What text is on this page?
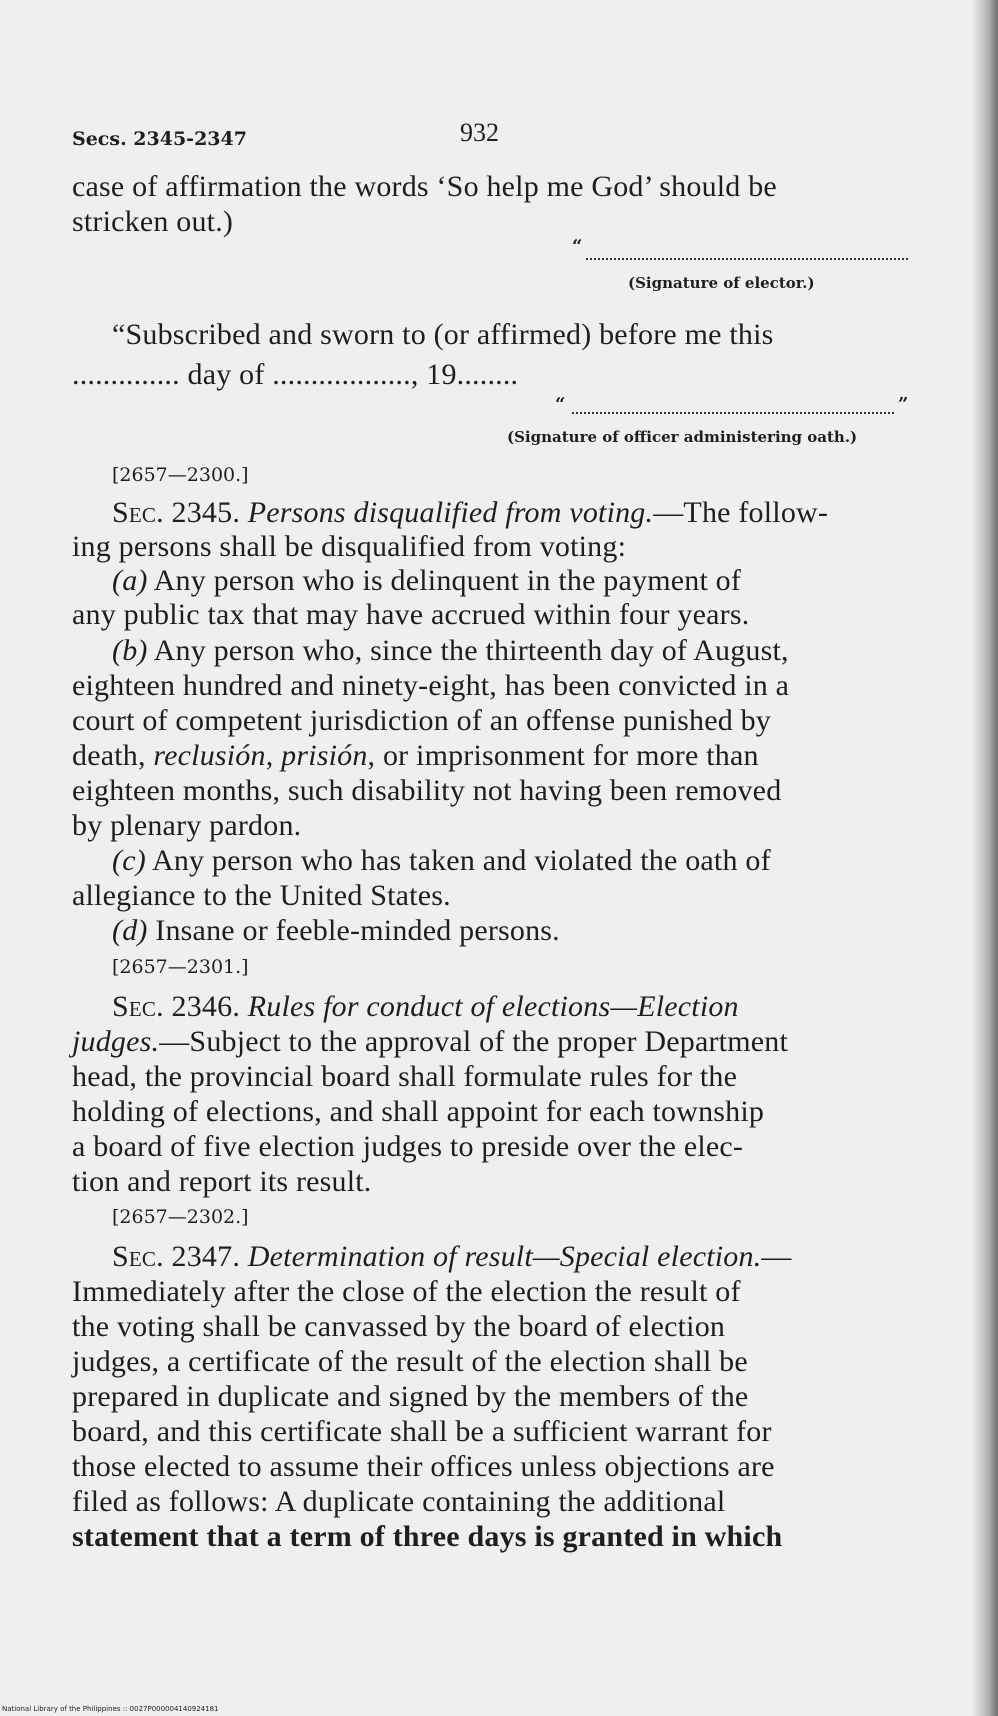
Secs. 2345-2347	932
case of affirmation the words ‘So help me God’ should be
stricken out.)
“
(Signature of elector.)
“Subscribed and sworn to (or affirmed) before me this
.............. day of .................., 19........
“	”
(Signature of officer administering oath.)
[2657—2300.]
Sec. 2345. Persons disqualified from voting.—The follow-
ing persons shall be disqualified from voting:
(a) Any person who is delinquent in the payment of
any public tax that may have accrued within four years.
(b) Any person who, since the thirteenth day of August,
eighteen hundred and ninety-eight, has been convicted in a
court of competent jurisdiction of an offense punished by
death, reclusión, prisión, or imprisonment for more than
eighteen months, such disability not having been removed
by plenary pardon.
(c) Any person who has taken and violated the oath of
allegiance to the United States.
(d) Insane or feeble-minded persons.
[2657—2301.]
Sec. 2346. Rules for conduct of elections—Election
judges.—Subject to the approval of the proper Department
head, the provincial board shall formulate rules for the
holding of elections, and shall appoint for each township
a board of five election judges to preside over the elec-
tion and report its result.
[2657—2302.]
Sec. 2347. Determination of result—Special election.—
Immediately after the close of the election the result of
the voting shall be canvassed by the board of election
judges, a certificate of the result of the election shall be
prepared in duplicate and signed by the members of the
board, and this certificate shall be a sufficient warrant for
those elected to assume their offices unless objections are
filed as follows: A duplicate containing the additional
statement that a term of three days is granted in which
National Library of the Philippines :: 0027P000004140924181
